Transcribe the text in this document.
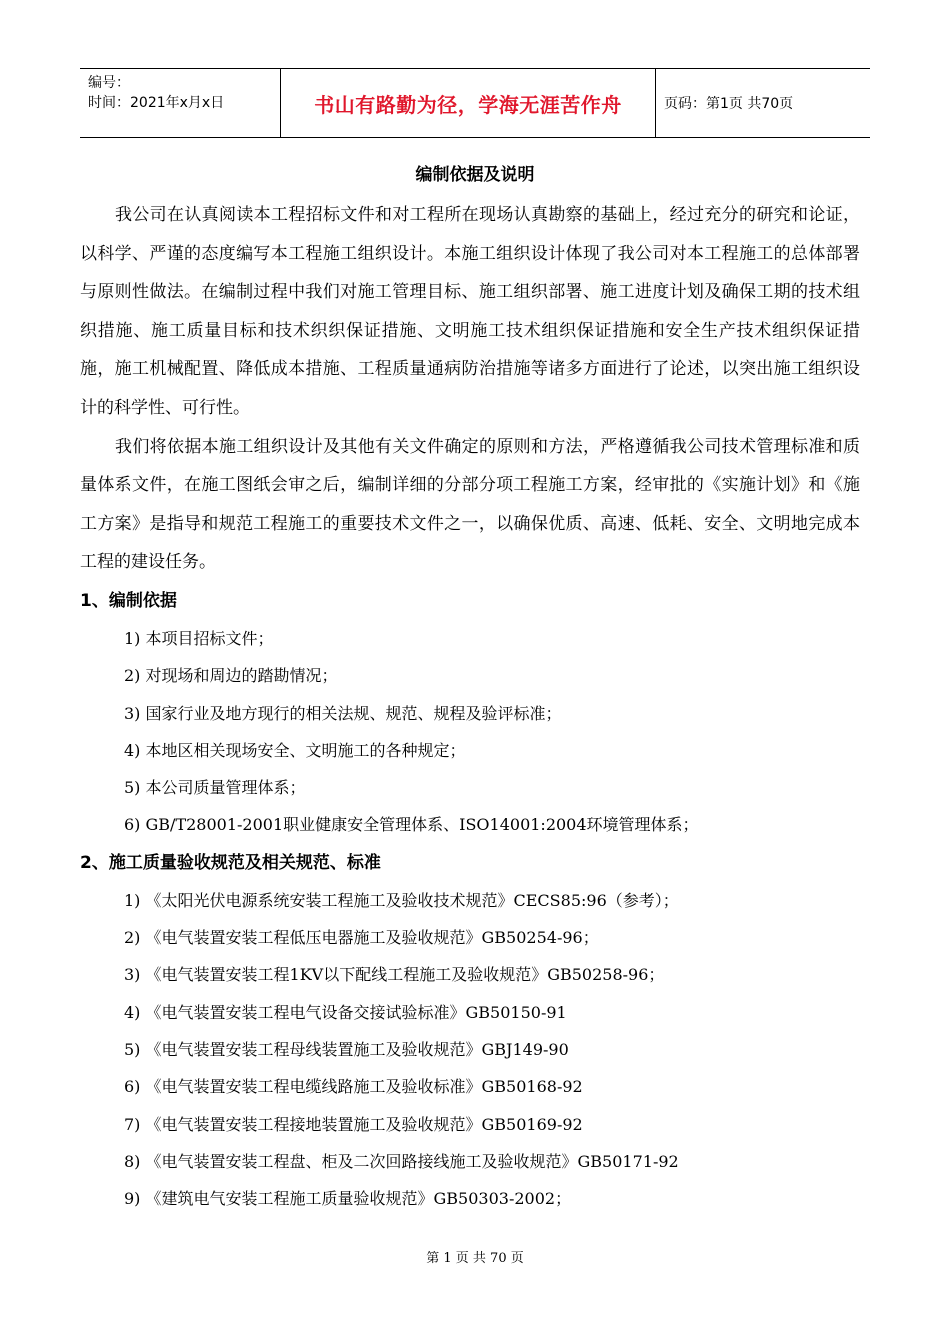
编号：
时间：2021年x月x日	书山有路勤为径，学海无涯苦作舟	页码：第1页 共70页
编制依据及说明

我公司在认真阅读本工程招标文件和对工程所在现场认真勘察的基础上，经过充分的研究和论证，以科学、严谨的态度编写本工程施工组织设计。本施工组织设计体现了我公司对本工程施工的总体部署与原则性做法。在编制过程中我们对施工管理目标、施工组织部署、施工进度计划及确保工期的技术组织措施、施工质量目标和技术织织保证措施、文明施工技术组织保证措施和安全生产技术组织保证措施，施工机械配置、降低成本措施、工程质量通病防治措施等诸多方面进行了论述，以突出施工组织设计的科学性、可行性。

我们将依据本施工组织设计及其他有关文件确定的原则和方法，严格遵循我公司技术管理标准和质量体系文件，在施工图纸会审之后，编制详细的分部分项工程施工方案，经审批的《实施计划》和《施工方案》是指导和规范工程施工的重要技术文件之一，以确保优质、高速、低耗、安全、文明地完成本工程的建设任务。

1、编制依据

1) 本项目招标文件；

2) 对现场和周边的踏勘情况；

3) 国家行业及地方现行的相关法规、规范、规程及验评标准；

4) 本地区相关现场安全、文明施工的各种规定；

5) 本公司质量管理体系；

6) GB/T28001-2001职业健康安全管理体系、ISO14001:2004环境管理体系；

2、施工质量验收规范及相关规范、标准

1) 《太阳光伏电源系统安装工程施工及验收技术规范》CECS85:96（参考）；

2) 《电气装置安装工程低压电器施工及验收规范》GB50254-96；

3) 《电气装置安装工程1KV以下配线工程施工及验收规范》GB50258-96；

4) 《电气装置安装工程电气设备交接试验标准》GB50150-91

5) 《电气装置安装工程母线装置施工及验收规范》GBJ149-90

6) 《电气装置安装工程电缆线路施工及验收标准》GB50168-92

7) 《电气装置安装工程接地装置施工及验收规范》GB50169-92

8) 《电气装置安装工程盘、柜及二次回路接线施工及验收规范》GB50171-92

9) 《建筑电气安装工程施工质量验收规范》GB50303-2002；

第 1 页 共 70 页
